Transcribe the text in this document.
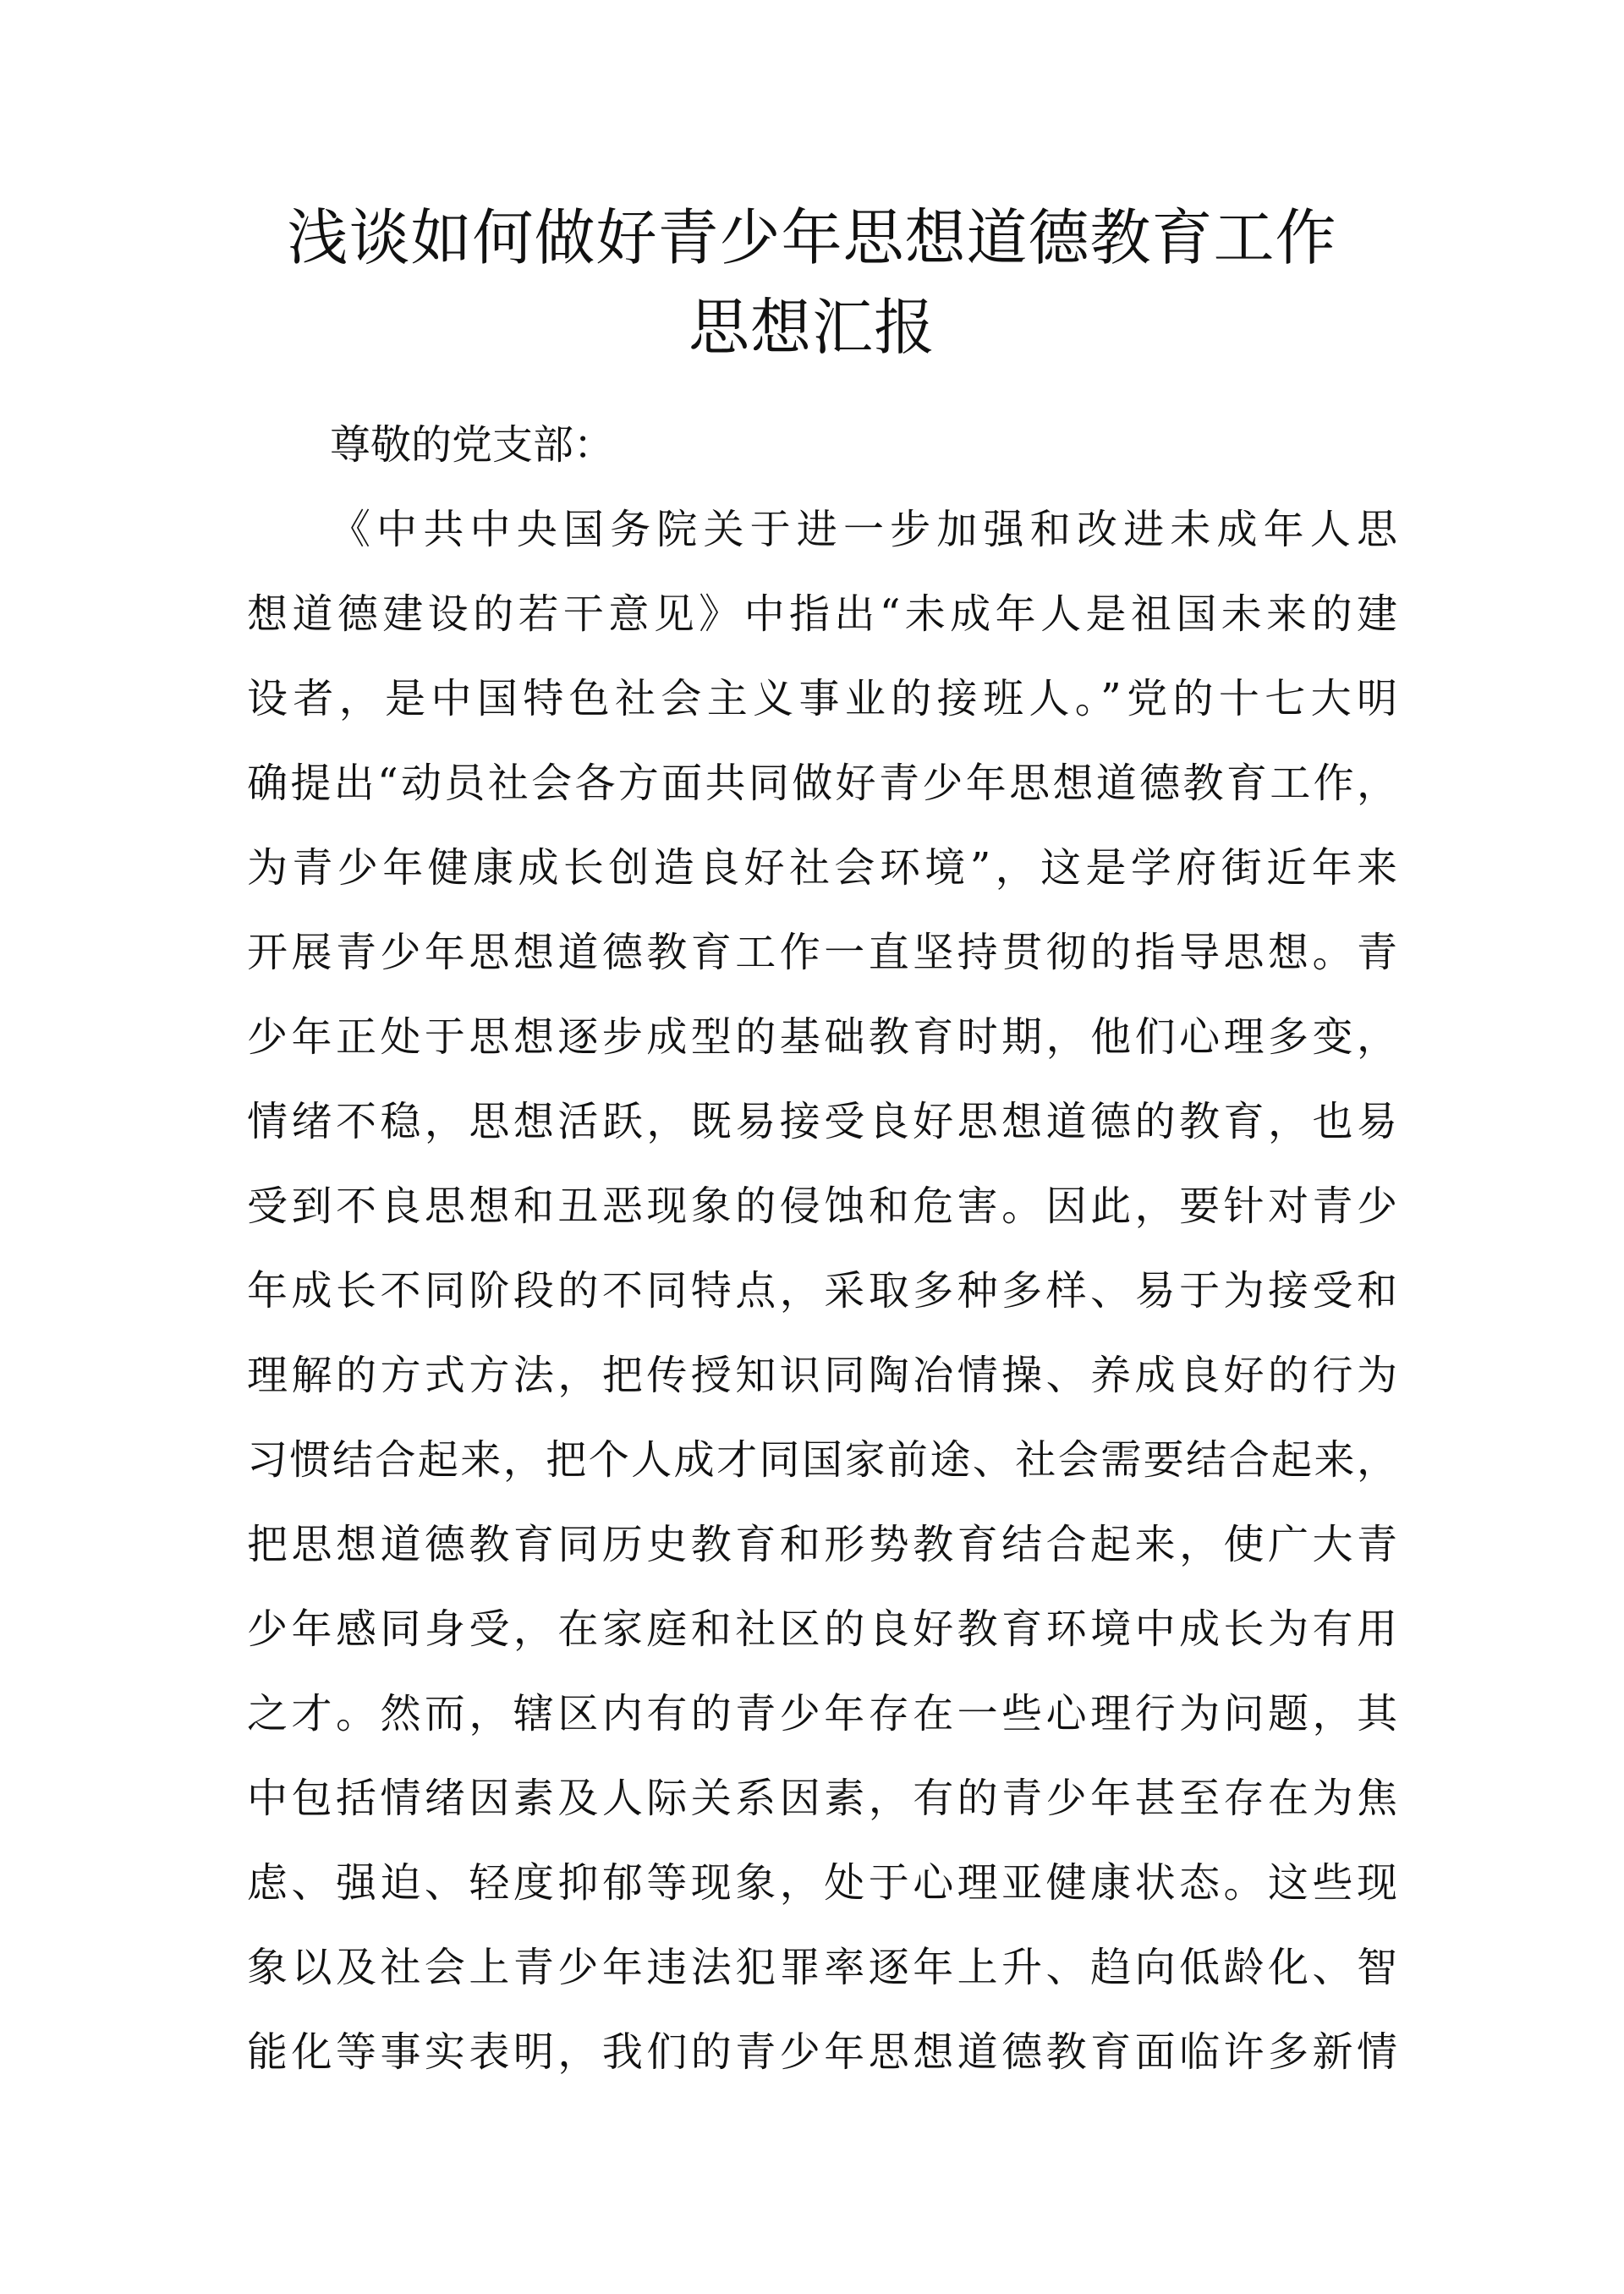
浅谈如何做好青少年思想道德教育工作
思想汇报
尊敬的党支部：
《中共中央国务院关于进一步加强和改进未成年人思
想道德建设的若干意见》中指出“未成年人是祖国未来的建
设者，是中国特色社会主义事业的接班人。”党的十七大明
确提出“动员社会各方面共同做好青少年思想道德教育工作，
为青少年健康成长创造良好社会环境”，这是学府街近年来
开展青少年思想道德教育工作一直坚持贯彻的指导思想。青
少年正处于思想逐步成型的基础教育时期，他们心理多变，
情绪不稳，思想活跃，既易接受良好思想道德的教育，也易
受到不良思想和丑恶现象的侵蚀和危害。因此，要针对青少
年成长不同阶段的不同特点，采取多种多样、易于为接受和
理解的方式方法，把传授知识同陶冶情操、养成良好的行为
习惯结合起来，把个人成才同国家前途、社会需要结合起来，
把思想道德教育同历史教育和形势教育结合起来，使广大青
少年感同身受，在家庭和社区的良好教育环境中成长为有用
之才。然而，辖区内有的青少年存在一些心理行为问题，其
中包括情绪因素及人际关系因素，有的青少年甚至存在为焦
虑、强迫、轻度抑郁等现象，处于心理亚健康状态。这些现
象以及社会上青少年违法犯罪率逐年上升、趋向低龄化、智
能化等事实表明，我们的青少年思想道德教育面临许多新情
